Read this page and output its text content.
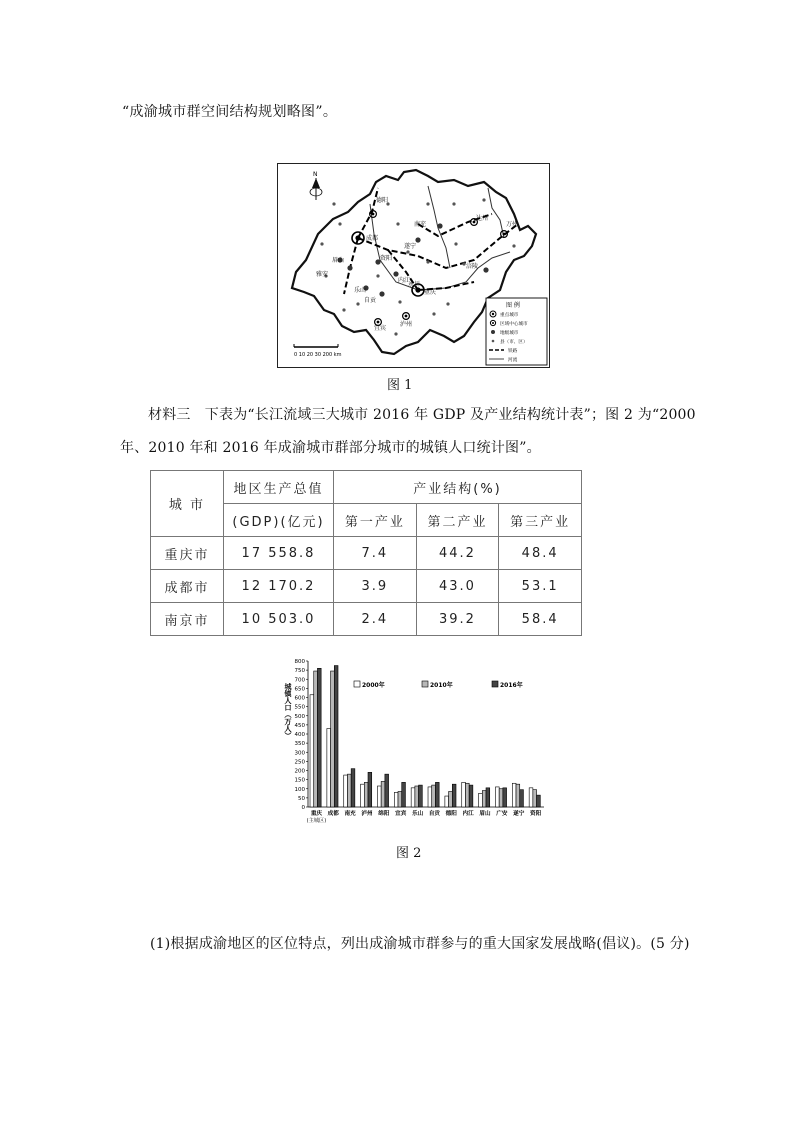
“成渝城市群空间结构规划略图”。
N
德阳
成都
眉山
雅安
乐山
自贡
宜宾
泸州
内江
遂宁
资阳
南充
达州
万州
重庆
永川
涪陵
0 10 20 30 200 km
图 例
重点城市
区域中心城市
地级城市
县（市、区）
铁路
河流
图 1
材料三　下表为“长江流域三大城市 2016 年 GDP 及产业结构统计表”；图 2 为“2000
年、2010 年和 2016 年成渝城市群部分城市的城镇人口统计图”。
城 市	地区生产总值	产业结构(%)		
	(GDP)(亿元)	第一产业	第二产业	第三产业
重庆市	17 558.8	7.4	44.2	48.4
成都市	12 170.2	3.9	43.0	53.1
南京市	10 503.0	2.4	39.2	58.4
0
50
100
150
200
250
300
350
400
450
500
550
600
650
700
750
800
城镇人口（万人）
重庆
(主城区)
成都 南充 泸州 绵阳 宜宾 乐山 自贡 德阳 内江 眉山 广安 遂宁 资阳
2000年	2010年	2016年
图 2
(1)根据成渝地区的区位特点，列出成渝城市群参与的重大国家发展战略(倡议)。(5 分)
